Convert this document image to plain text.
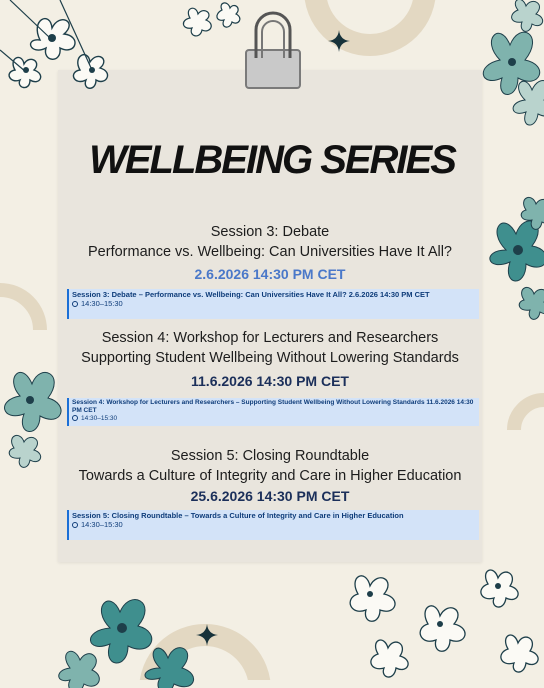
WELLBEING SERIES
Session 3: Debate
Performance vs. Wellbeing: Can Universities Have It All?
2.6.2026 14:30 PM CET
Session 3: Debate – Performance vs. Wellbeing: Can Universities Have It All? 2.6.2026 14:30 PM CET
14:30–15:30
Session 4: Workshop for Lecturers and Researchers
Supporting Student Wellbeing Without Lowering Standards
11.6.2026 14:30 PM CET
Session 4: Workshop for Lecturers and Researchers – Supporting Student Wellbeing Without Lowering Standards 11.6.2026 14:30 PM CET
14:30–15:30
Session 5: Closing Roundtable
Towards a Culture of Integrity and Care in Higher Education
25.6.2026 14:30 PM CET
Session 5: Closing Roundtable – Towards a Culture of Integrity and Care in Higher Education
14:30–15:30
